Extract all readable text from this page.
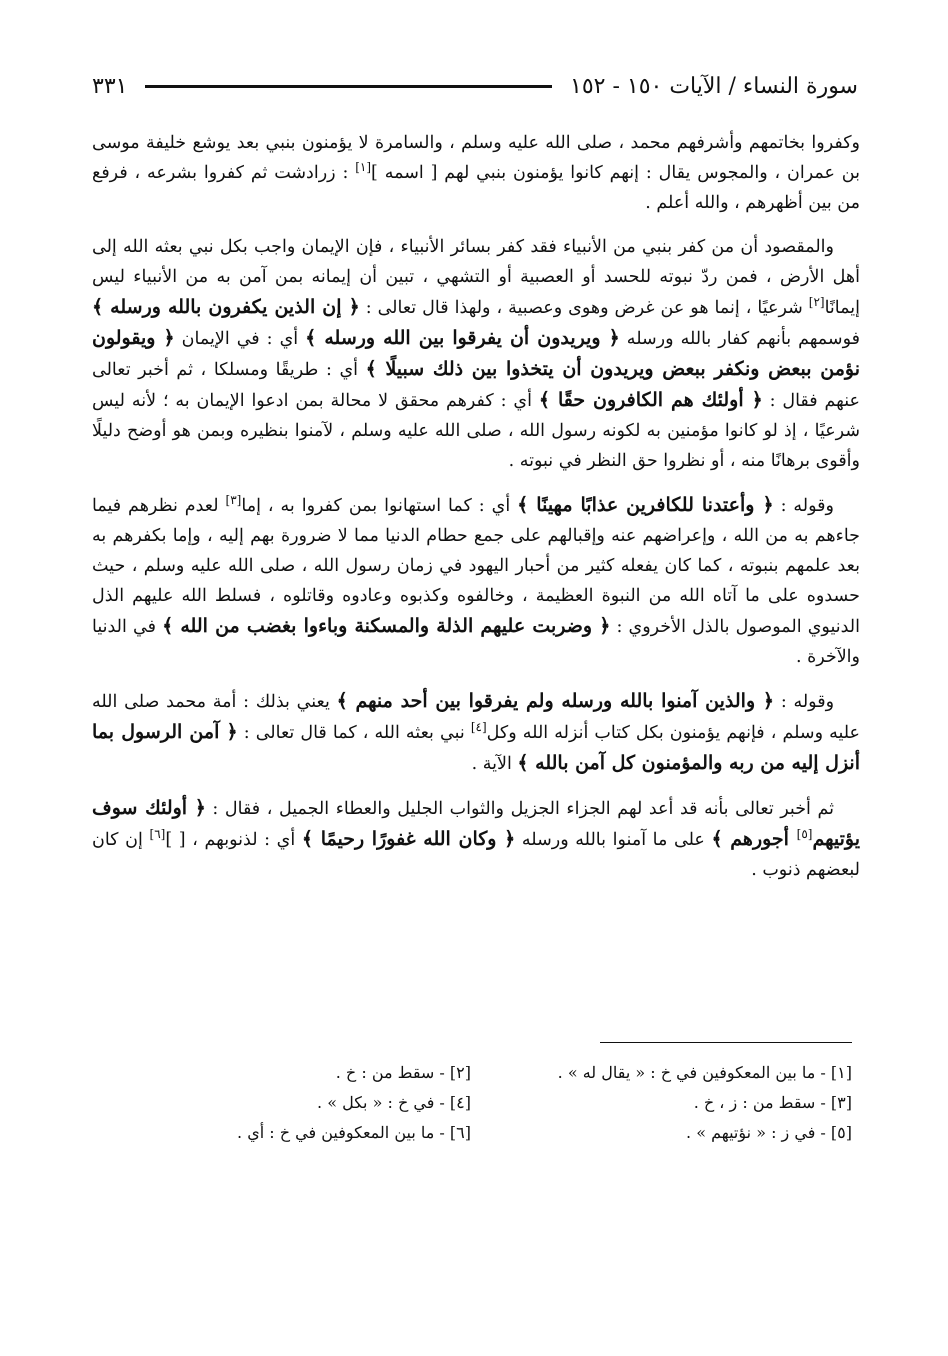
سورة النساء / الآيات ١٥٠ - ١٥٢
٣٣١

وكفروا بخاتمهم وأشرفهم محمد ، صلى الله عليه وسلم ، والسامرة لا يؤمنون بنبي بعد يوشع خليفة موسى بن عمران ، والمجوس يقال : إنهم كانوا يؤمنون بنبي لهم [ اسمه ][١] : زرادشت ثم كفروا بشرعه ، فرفع من بين أظهرهم ، والله أعلم .

والمقصود أن من كفر بنبي من الأنبياء فقد كفر بسائر الأنبياء ، فإن الإيمان واجب بكل نبي بعثه الله إلى أهل الأرض ، فمن ردّ نبوته للحسد أو العصبية أو التشهي ، تبين أن إيمانه بمن آمن به من الأنبياء ليس إيمانًا[٢] شرعيًا ، إنما هو عن غرض وهوى وعصبية ، ولهذا قال تعالى : ﴿ إن الذين يكفرون بالله ورسله ﴾ فوسمهم بأنهم كفار بالله ورسله ﴿ ويريدون أن يفرقوا بين الله ورسله ﴾ أي : في الإيمان ﴿ ويقولون نؤمن ببعض ونكفر ببعض ويريدون أن يتخذوا بين ذلك سبيلًا ﴾ أي : طريقًا ومسلكا ، ثم أخبر تعالى عنهم فقال : ﴿ أولئك هم الكافرون حقًا ﴾ أي : كفرهم محقق لا محالة بمن ادعوا الإيمان به ؛ لأنه ليس شرعيًا ، إذ لو كانوا مؤمنين به لكونه رسول الله ، صلى الله عليه وسلم ، لآمنوا بنظيره وبمن هو أوضح دليلًا وأقوى برهانًا منه ، أو نظروا حق النظر في نبوته .

وقوله : ﴿ وأعتدنا للكافرين عذابًا مهينًا ﴾ أي : كما استهانوا بمن كفروا به ، إما[٣] لعدم نظرهم فيما جاءهم به من الله ، وإعراضهم عنه وإقبالهم على جمع حطام الدنيا مما لا ضرورة بهم إليه ، وإما بكفرهم به بعد علمهم بنبوته ، كما كان يفعله كثير من أحبار اليهود في زمان رسول الله ، صلى الله عليه وسلم ، حيث حسدوه على ما آتاه الله من النبوة العظيمة ، وخالفوه وكذبوه وعادوه وقاتلوه ، فسلط الله عليهم الذل الدنيوي الموصول بالذل الأخروي : ﴿ وضربت عليهم الذلة والمسكنة وباءوا بغضب من الله ﴾ في الدنيا والآخرة .

وقوله : ﴿ والذين آمنوا بالله ورسله ولم يفرقوا بين أحد منهم ﴾ يعني بذلك : أمة محمد صلى الله عليه وسلم ، فإنهم يؤمنون بكل كتاب أنزله الله وكل[٤] نبي بعثه الله ، كما قال تعالى : ﴿ آمن الرسول بما أنزل إليه من ربه والمؤمنون كل آمن بالله ﴾ الآية .

ثم أخبر تعالى بأنه قد أعد لهم الجزاء الجزيل والثواب الجليل والعطاء الجميل ، فقال : ﴿ أولئك سوف يؤتيهم[٥] أجورهم ﴾ على ما آمنوا بالله ورسله ﴿ وكان الله غفورًا رحيمًا ﴾ أي : لذنوبهم ، [ ][٦] إن كان لبعضهم ذنوب .

[١] - ما بين المعكوفين في خ : « يقال له » .
[٢] - سقط من : خ .
[٣] - سقط من : ز ، خ .
[٤] - في خ : « بكل » .
[٥] - في ز : « نؤتيهم » .
[٦] - ما بين المعكوفين في خ : أي .
